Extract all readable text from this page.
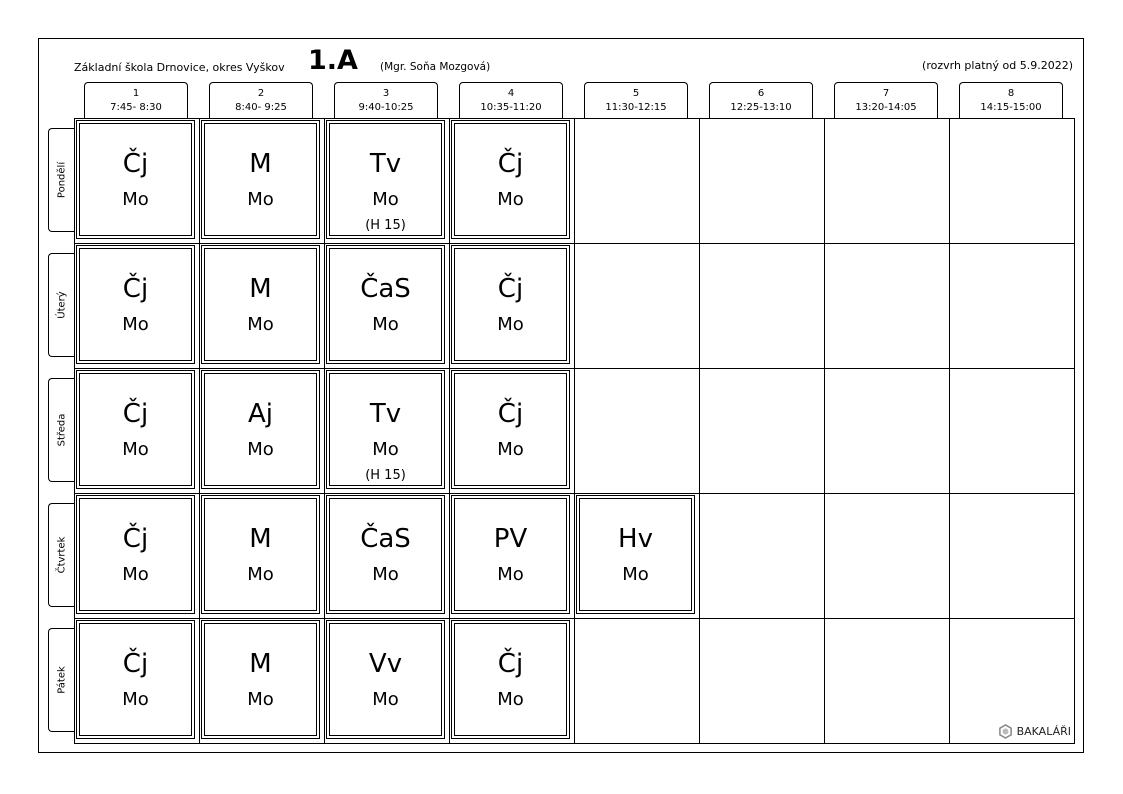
Základní škola Drnovice, okres Vyškov 1.A (Mgr. Soňa Mozgová)	(rozvrh platný od 5.9.2022)
1
7:45- 8:30
2
8:40- 9:25
3
9:40-10:25
4
10:35-11:20
5
11:30-12:15
6
12:25-13:10
7
13:20-14:05
8
14:15-15:00
Pondělí
Úterý
Středa
Čtvrtek
Pátek
Čj
Mo
M
Mo
Tv
Mo
(H 15)
Čj
Mo
Čj
Mo
M
Mo
ČaS
Mo
Čj
Mo
Čj
Mo
Aj
Mo
Tv
Mo
(H 15)
Čj
Mo
Čj
Mo
M
Mo
ČaS
Mo
PV
Mo
Hv
Mo
Čj
Mo
M
Mo
Vv
Mo
Čj
Mo
BAKALÁŘI
